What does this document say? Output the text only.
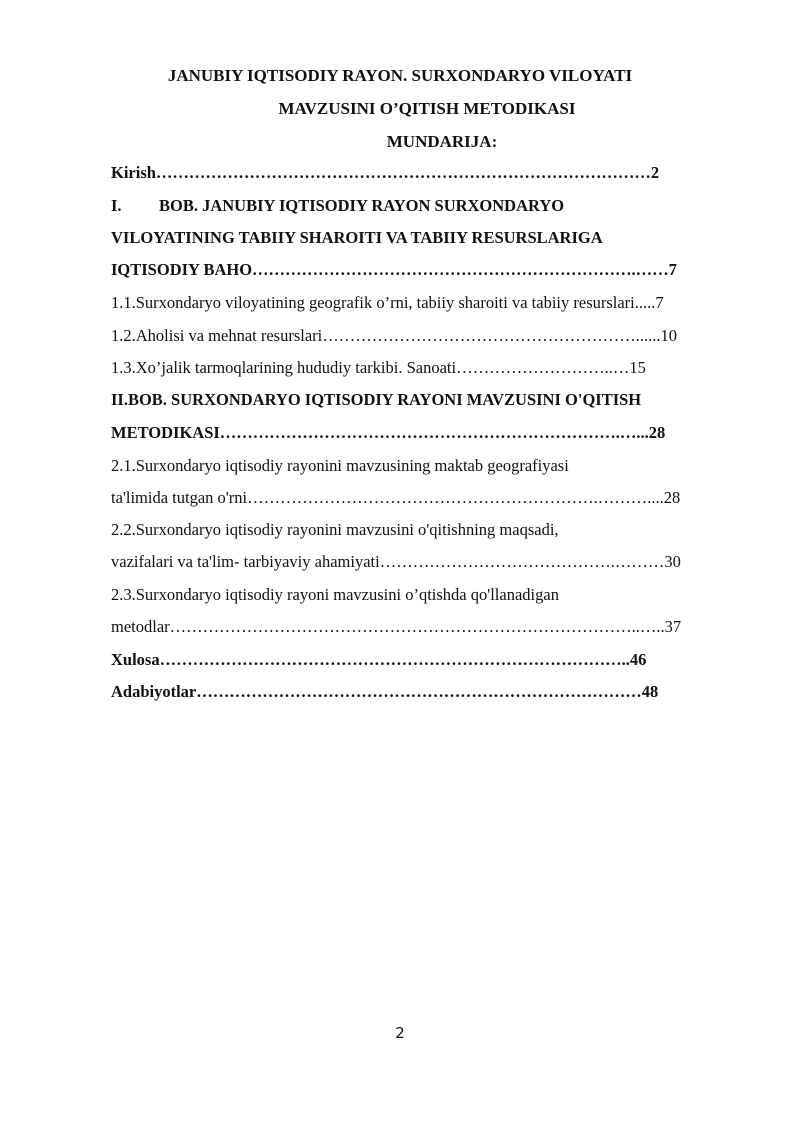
JANUBIY IQTISODIY RAYON. SURXONDARYO VILOYATI
MAVZUSINI O’QITISH METODIKASI
MUNDARIJA:
Kirish………………………………………………………………………………2
I. BOB. JANUBIY IQTISODIY RAYON SURXONDARYO
VILOYATINING TABIIY SHAROITI VA TABIIY RESURSLARIGA
IQTISODIY BAHO…………………………………………………………….……7
1.1.Surxondaryo viloyatining geografik o’rni, tabiiy sharoiti va tabiiy resurslari.....7
1.2.Aholisi va mehnat resurslari…………………………………………………......10
1.3.Xo’jalik tarmoqlarining hududiy tarkibi. Sanoati………………………..…15
II.BOB. SURXONDARYO IQTISODIY RAYONI MAVZUSINI O'QITISH
METODIKASI……………………………………………………………….…...28
2.1.Surxondaryo iqtisodiy rayonini mavzusining maktab geografiyasi
ta'limida tutgan o'rni……………………………………………………….………....28
2.2.Surxondaryo iqtisodiy rayonini mavzusini o'qitishning maqsadi,
vazifalari va ta'lim- tarbiyaviy ahamiyati…………………………………….………30
2.3.Surxondaryo iqtisodiy rayoni mavzusini o’qtishda qo'llanadigan
metodlar…………………………………………………………………………..…..37
Xulosa…………………………………………………………………………..46
Adabiyotlar………………………………………………………………………48
2
